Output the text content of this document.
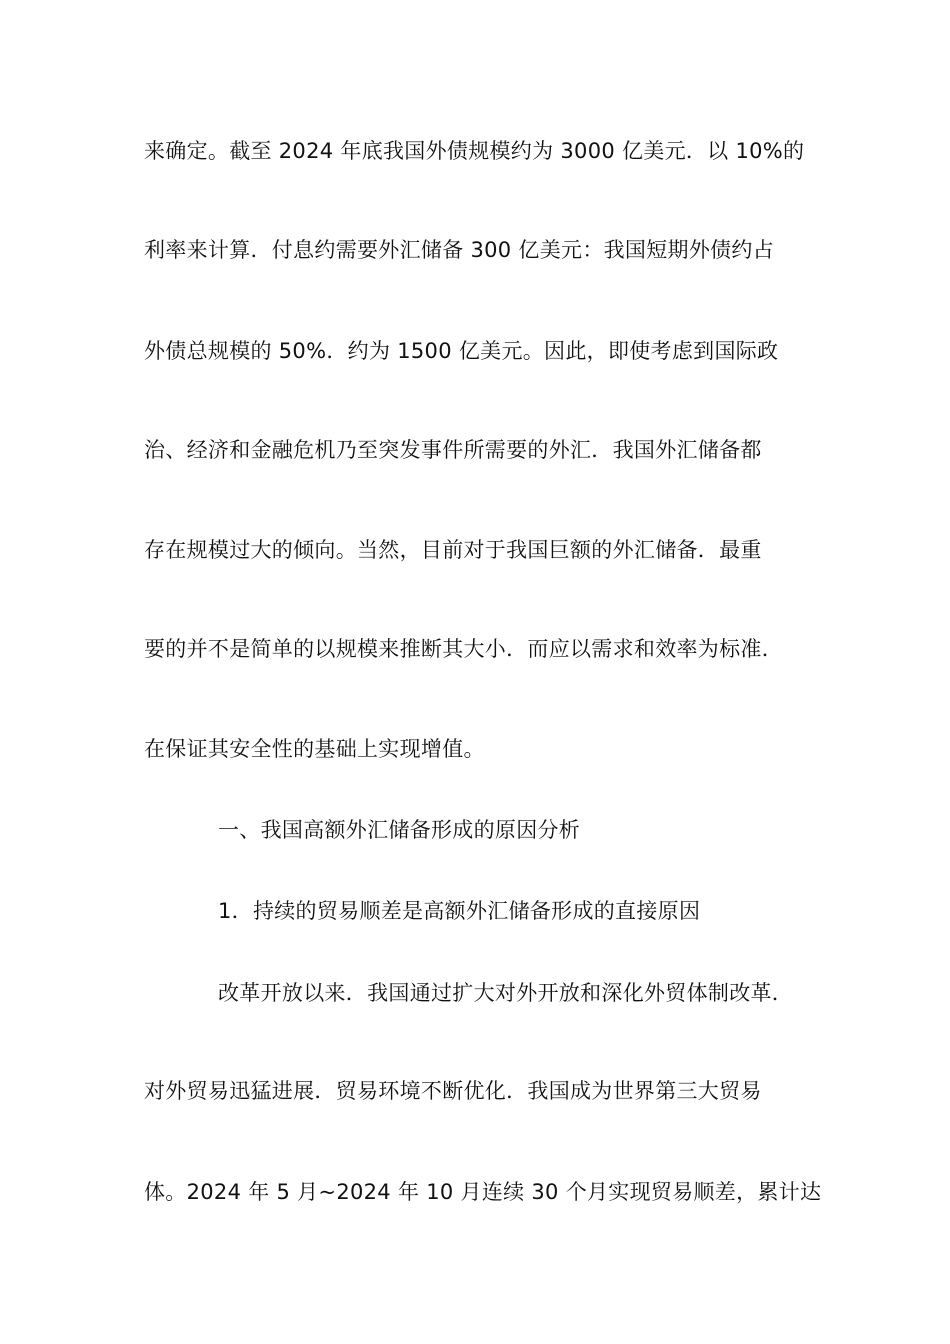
来确定。截至 2024 年底我国外债规模约为 3000 亿美元．以 10%的
利率来计算．付息约需要外汇储备 300 亿美元：我国短期外债约占
外债总规模的 50%．约为 1500 亿美元。因此，即使考虑到国际政
治、经济和金融危机乃至突发事件所需要的外汇．我国外汇储备都
存在规模过大的倾向。当然，目前对于我国巨额的外汇储备．最重
要的并不是简单的以规模来推断其大小．而应以需求和效率为标准．
在保证其安全性的基础上实现增值。
一、我国高额外汇储备形成的原因分析
1．持续的贸易顺差是高额外汇储备形成的直接原因
改革开放以来．我国通过扩大对外开放和深化外贸体制改革．
对外贸易迅猛进展．贸易环境不断优化．我国成为世界第三大贸易
体。2024 年 5 月~2024 年 10 月连续 30 个月实现贸易顺差，累计达
